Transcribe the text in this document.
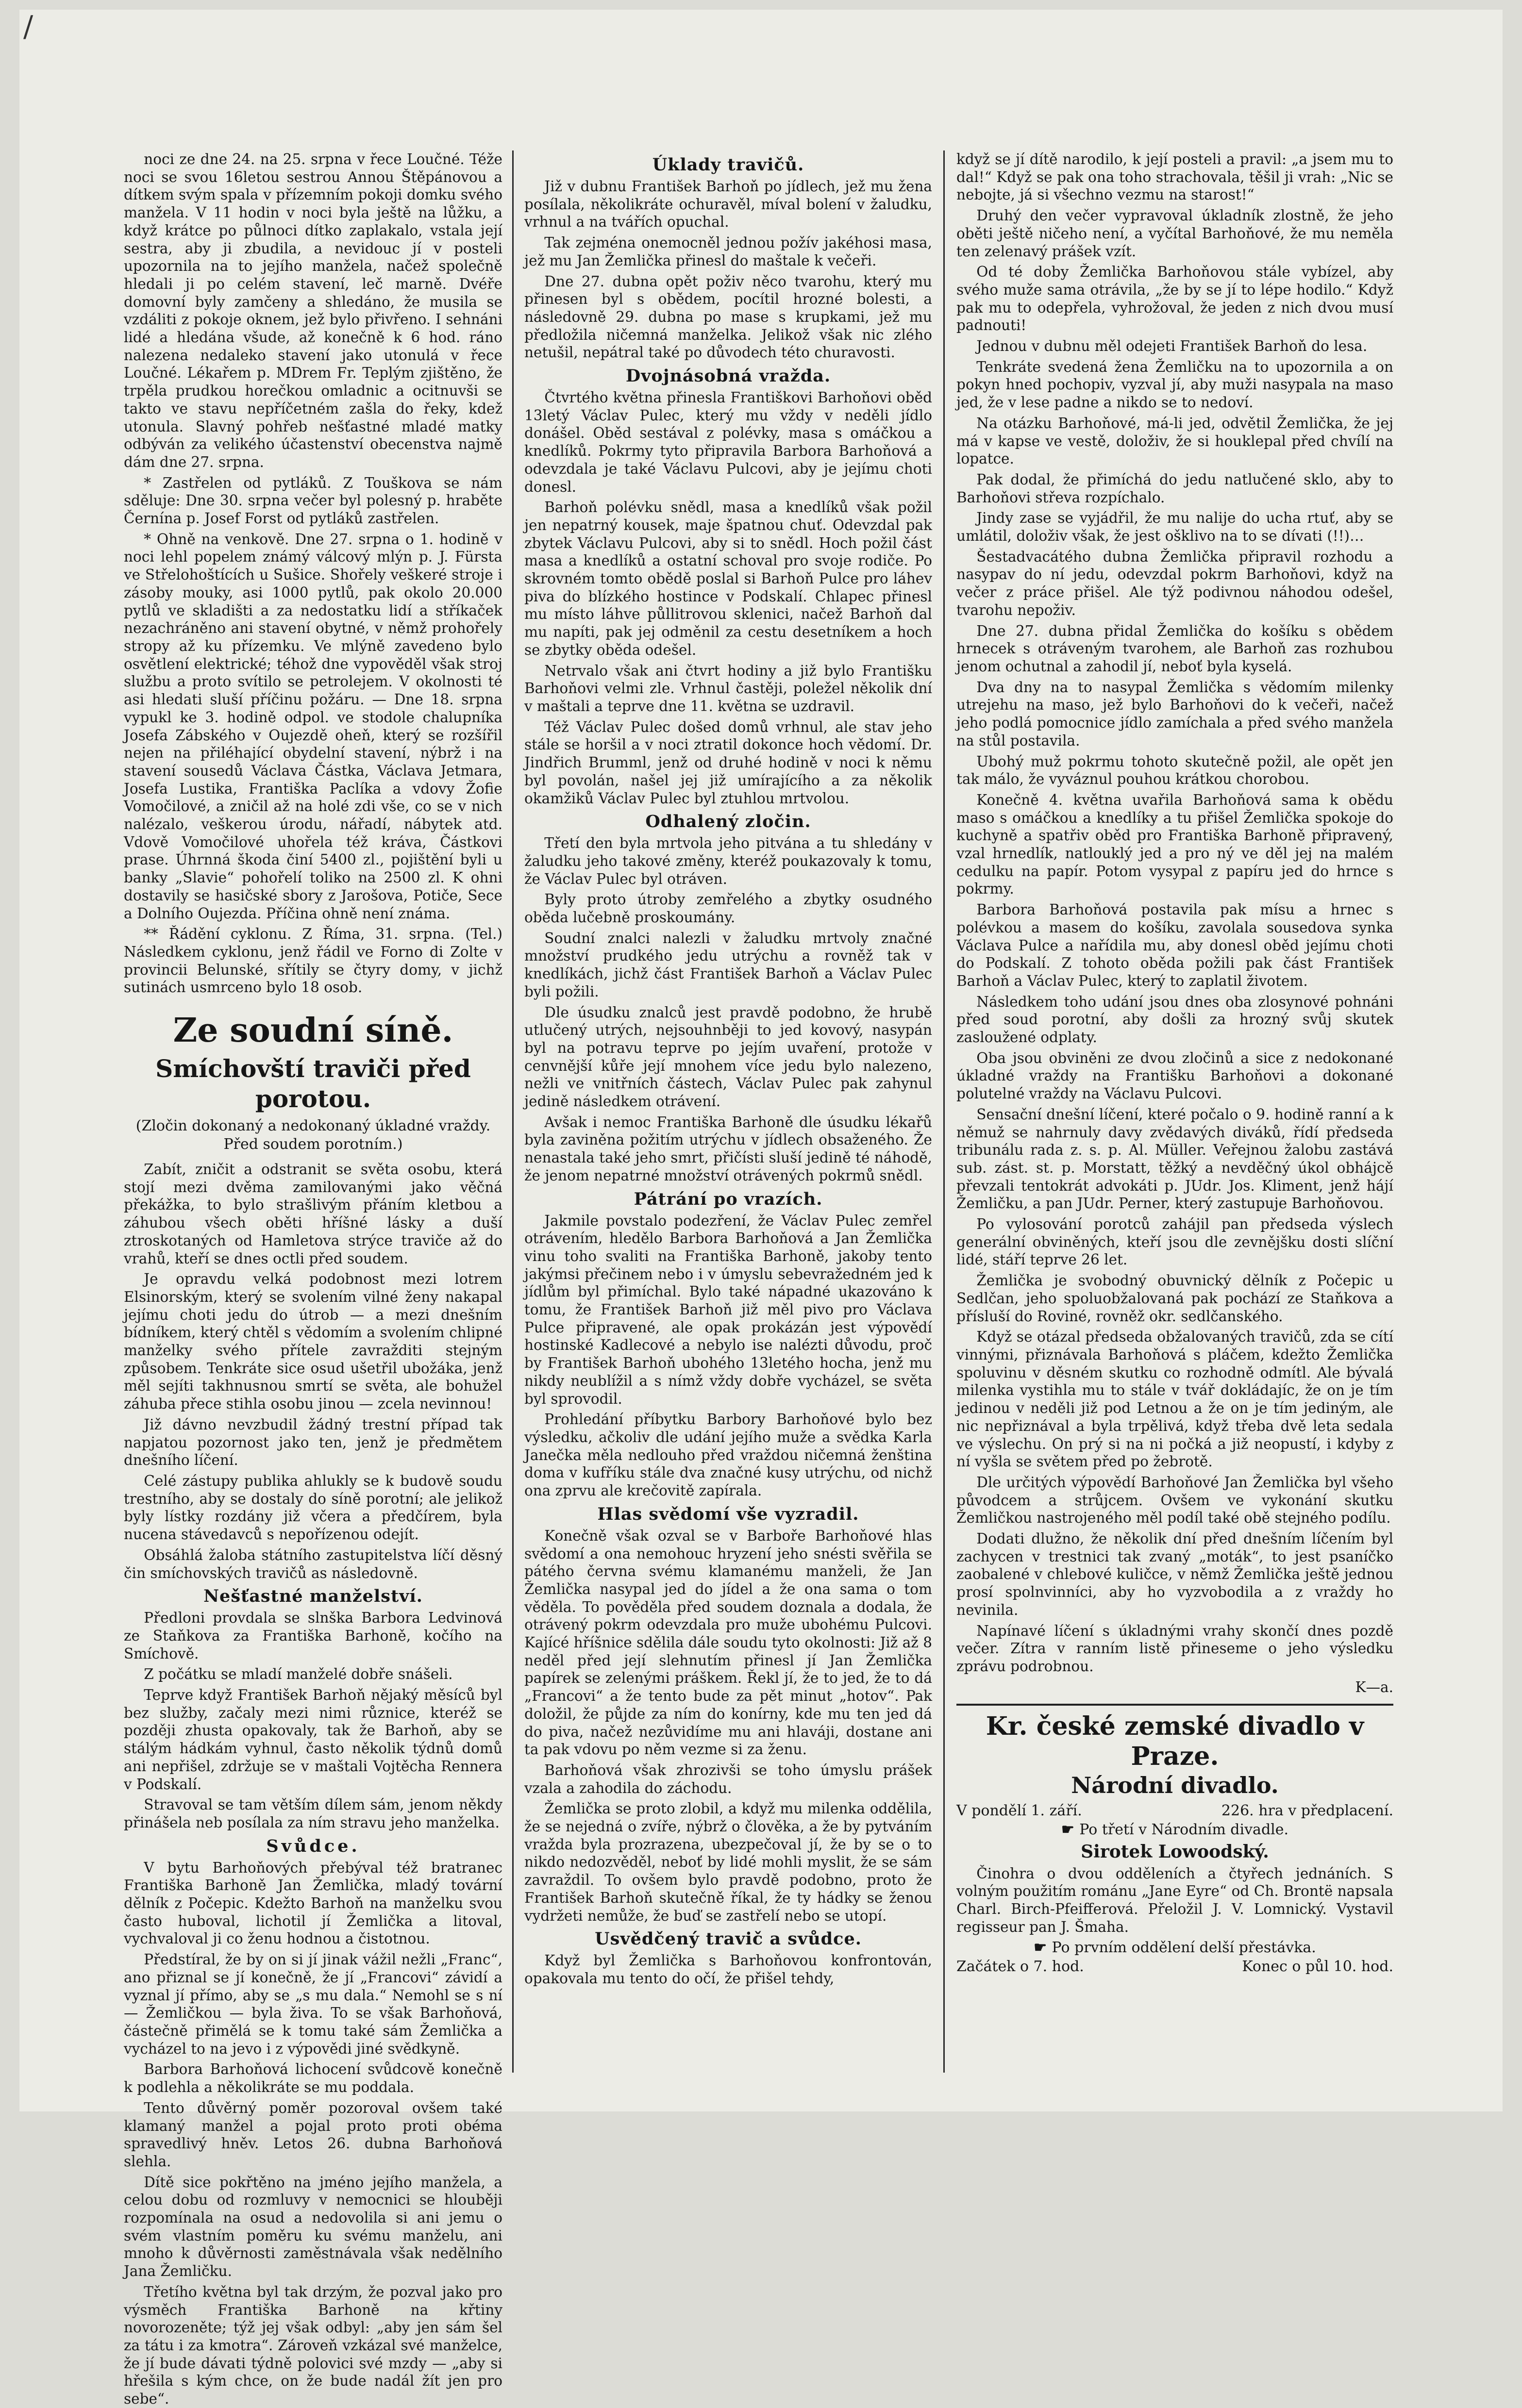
/

noci ze dne 24. na 25. srpna v řece Loučné. Téže noci se svou 16letou sestrou Annou Štěpánovou a dítkem svým spala v přízemním pokoji domku svého manžela. V 11 hodin v noci byla ještě na lůžku, a když krátce po půlnoci dítko zaplakalo, vstala její sestra, aby ji zbudila, a nevidouc jí v posteli upozornila na to jejího manžela, načež společně hledali ji po celém stavení, leč marně. Dvéře domovní byly zamčeny a shledáno, že musila se vzdáliti z pokoje oknem, jež bylo přivřeno. I sehnáni lidé a hledána všude, až konečně k 6 hod. ráno nalezena nedaleko stavení jako utonulá v řece Loučné. Lékařem p. MDrem Fr. Teplým zjištěno, že trpěla prudkou horečkou omladnic a ocitnuvši se takto ve stavu nepříčetném zašla do řeky, kdež utonula. Slavný pohřeb nešťastné mladé matky odbýván za velikého účastenství obecenstva najmě dám dne 27. srpna.

* Zastřelen od pytláků. Z Touškova se nám sděluje: Dne 30. srpna večer byl polesný p. hraběte Černína p. Josef Forst od pytláků zastřelen.

* Ohně na venkově. Dne 27. srpna o 1. hodině v noci lehl popelem známý válcový mlýn p. J. Fürsta ve Střelohoštících u Sušice. Shořely veškeré stroje i zásoby mouky, asi 1000 pytlů, pak okolo 20.000 pytlů ve skladišti a za nedostatku lidí a stříkaček nezachráněno ani stavení obytné, v němž prohořely stropy až ku přízemku. Ve mlýně zavedeno bylo osvětlení elektrické; téhož dne vypověděl však stroj službu a proto svítilo se petrolejem. V okolnosti té asi hledati sluší příčinu požáru. — Dne 18. srpna vypukl ke 3. hodině odpol. ve stodole chalupníka Josefa Zábského v Oujezdě oheň, který se rozšířil nejen na přiléhající obydelní stavení, nýbrž i na stavení sousedů Václava Částka, Václava Jetmara, Josefa Lustika, Františka Paclíka a vdovy Žofie Vomočilové, a zničil až na holé zdi vše, co se v nich nalézalo, veškerou úrodu, nářadí, nábytek atd. Vdově Vomočilové uhořela též kráva, Částkovi prase. Úhrnná škoda činí 5400 zl., pojištění byli u banky „Slavie“ pohořelí toliko na 2500 zl. K ohni dostavily se hasičské sbory z Jarošova, Potiče, Sece a Dolního Oujezda. Příčina ohně není známa.

** Řádění cyklonu. Z Říma, 31. srpna. (Tel.) Následkem cyklonu, jenž řádil ve Forno di Zolte v provincii Belunské, sřítily se čtyry domy, v jichž sutinách usmrceno bylo 18 osob.

Ze soudní síně.
Smíchovští traviči před porotou.
(Zločin dokonaný a nedokonaný úkladné vraždy. Před soudem porotním.)

Zabít, zničit a odstranit se světa osobu, která stojí mezi dvěma zamilovanými jako věčná překážka, to bylo strašlivým přáním kletbou a záhubou všech oběti hříšné lásky a duší ztroskotaných od Hamletova strýce traviče až do vrahů, kteří se dnes octli před soudem.

Je opravdu velká podobnost mezi lotrem Elsinorským, který se svolením vilné ženy nakapal jejímu choti jedu do útrob — a mezi dnešním bídníkem, který chtěl s vědomím a svolením chlipné manželky svého přítele zavražditi stejným způsobem. Tenkráte sice osud ušetřil ubožáka, jenž měl sejíti takhnusnou smrtí se světa, ale bohužel záhuba přece stihla osobu jinou — zcela nevinnou!

Již dávno nevzbudil žádný trestní případ tak napjatou pozornost jako ten, jenž je předmětem dnešního líčení.

Celé zástupy publika ahlukly se k budově soudu trestního, aby se dostaly do síně porotní; ale jelikož byly lístky rozdány již včera a předčírem, byla nucena stávedavců s nepořízenou odejít.

Obsáhlá žaloba státního zastupitelstva líčí děsný čin smíchovských travičů as následovně.

Nešťastné manželství.

Předloni provdala se slnška Barbora Ledvinová ze Staňkova za Františka Barhoně, kočího na Smíchově.

Z počátku se mladí manželé dobře snášeli.

Teprve když František Barhoň nějaký měsíců byl bez služby, začaly mezi nimi různice, kteréž se později zhusta opakovaly, tak že Barhoň, aby se stálým hádkám vyhnul, často několik týdnů domů ani nepřišel, zdržuje se v maštali Vojtěcha Rennera v Podskalí.

Stravoval se tam větším dílem sám, jenom někdy přinášela neb posílala za ním stravu jeho manželka.

Svůdce.

V bytu Barhoňových přebýval též bratranec Františka Barhoně Jan Žemlička, mladý tovární dělník z Počepic. Kdežto Barhoň na manželku svou často huboval, lichotil jí Žemlička a litoval, vychvaloval ji co ženu hodnou a čistotnou.

Předstíral, že by on si jí jinak vážil nežli „Franc“, ano přiznal se jí konečně, že jí „Francovi“ závidí a vyznal jí přímo, aby se „s mu dala.“ Nemohl se s ní — Žemličkou — byla živa. To se však Barhoňová, částečně přimělá se k tomu také sám Žemlička a vycházel to na jevo i z výpovědi jiné svědkyně.

Barbora Barhoňová lichocení svůdcově konečně k podlehla a několikráte se mu poddala.

Tento důvěrný poměr pozoroval ovšem také klamaný manžel a pojal proto proti obéma spravedlivý hněv. Letos 26. dubna Barhoňová slehla.

Dítě sice pokřtěno na jméno jejího manžela, a celou dobu od rozmluvy v nemocnici se hlouběji rozpomínala na osud a nedovolila si ani jemu o svém vlastním poměru ku svému manželu, ani mnoho k důvěrnosti zaměstnávala však nedělního Jana Žemličku.

Třetího května byl tak drzým, že pozval jako pro výsměch Františka Barhoně na křtiny novorozeněte; týž jej však odbyl: „aby jen sám šel za tátu i za kmotra“. Zároveň vzkázal své manželce, že jí bude dávati týdně polovici své mzdy — „aby si hřešila s kým chce, on že bude nadál žít jen pro sebe“.

Úklady travičů.

Již v dubnu František Barhoň po jídlech, jež mu žena posílala, několikráte ochuravěl, míval bolení v žaludku, vrhnul a na tvářích opuchal.

Tak zejména onemocněl jednou požív jakéhosi masa, jež mu Jan Žemlička přinesl do maštale k večeři.

Dne 27. dubna opět poživ něco tvarohu, který mu přinesen byl s obědem, pocítil hrozné bolesti, a následovně 29. dubna po mase s krupkami, jež mu předložila ničemná manželka. Jelikož však nic zlého netušil, nepátral také po důvodech této churavosti.

Dvojnásobná vražda.

Čtvrtého května přinesla Františkovi Barhoňovi oběd 13letý Václav Pulec, který mu vždy v neděli jídlo donášel. Oběd sestával z polévky, masa s omáčkou a knedlíků. Pokrmy tyto připravila Barbora Barhoňová a odevzdala je také Václavu Pulcovi, aby je jejímu choti donesl.

Barhoň polévku snědl, masa a knedlíků však požil jen nepatrný kousek, maje špatnou chuť. Odevzdal pak zbytek Václavu Pulcovi, aby si to snědl. Hoch požil část masa a knedlíků a ostatní schoval pro svoje rodiče. Po skrovném tomto obědě poslal si Barhoň Pulce pro láhev piva do blízkého hostince v Podskalí. Chlapec přinesl mu místo láhve půllitrovou sklenici, načež Barhoň dal mu napíti, pak jej odměnil za cestu desetníkem a hoch se zbytky oběda odešel.

Netrvalo však ani čtvrt hodiny a již bylo Františku Barhoňovi velmi zle. Vrhnul častěji, poležel několik dní v maštali a teprve dne 11. května se uzdravil.

Též Václav Pulec došed domů vrhnul, ale stav jeho stále se horšil a v noci ztratil dokonce hoch vědomí. Dr. Jindřich Brumml, jenž od druhé hodině v noci k němu byl povolán, našel jej již umírajícího a za několik okamžiků Václav Pulec byl ztuhlou mrtvolou.

Odhalený zločin.

Třetí den byla mrtvola jeho pitvána a tu shledány v žaludku jeho takové změny, kteréž poukazovaly k tomu, že Václav Pulec byl otráven.

Byly proto útroby zemřelého a zbytky osudného oběda lučebně proskoumány.

Soudní znalci nalezli v žaludku mrtvoly značné množství prudkého jedu utrýchu a rovněž tak v knedlíkách, jichž část František Barhoň a Václav Pulec byli požili.

Dle úsudku znalců jest pravdě podobno, že hrubě utlučený utrých, nejsouhnběji to jed kovový, nasypán byl na potravu teprve po jejím uvaření, protože v cenvnější kůře její mnohem více jedu bylo nalezeno, nežli ve vnitřních částech, Václav Pulec pak zahynul jedině následkem otrávení.

Avšak i nemoc Františka Barhoně dle úsudku lékařů byla zaviněna požitím utrýchu v jídlech obsaženého. Že nenastala také jeho smrt, přičísti sluší jedině té náhodě, že jenom nepatrné množství otrávených pokrmů snědl.

Pátrání po vrazích.

Jakmile povstalo podezření, že Václav Pulec zemřel otrávením, hledělo Barbora Barhoňová a Jan Žemlička vinu toho svaliti na Františka Barhoně, jakoby tento jakýmsi přečinem nebo i v úmyslu sebevražedném jed k jídlům byl přimíchal. Bylo také nápadné ukazováno k tomu, že František Barhoň již měl pivo pro Václava Pulce připravené, ale opak prokázán jest výpovědí hostinské Kadlecové a nebylo ise nalézti důvodu, proč by František Barhoň ubohého 13letého hocha, jenž mu nikdy neublížil a s nímž vždy dobře vycházel, se světa byl sprovodil.

Prohledání příbytku Barbory Barhoňové bylo bez výsledku, ačkoliv dle udání jejího muže a svědka Karla Janečka měla nedlouho před vraždou ničemná ženština doma v kufříku stále dva značné kusy utrýchu, od nichž ona zprvu ale krečovitě zapírala.

Hlas svědomí vše vyzradil.

Konečně však ozval se v Barboře Barhoňové hlas svědomí a ona nemohouc hryzení jeho snésti svěřila se pátého června svému klamanému manželi, že Jan Žemlička nasypal jed do jídel a že ona sama o tom věděla. To pověděla před soudem doznala a dodala, že otrávený pokrm odevzdala pro muže ubohému Pulcovi. Kajícé hříšnice sdělila dále soudu tyto okolnosti: Již až 8 neděl před její slehnutím přinesl jí Jan Žemlička papírek se zelenými práškem. Řekl jí, že to jed, že to dá „Francovi“ a že tento bude za pět minut „hotov“. Pak doložil, že půjde za ním do konírny, kde mu ten jed dá do piva, načež nezůvidíme mu ani hlaváji, dostane ani ta pak vdovu po něm vezme si za ženu.

Barhoňová však zhrozivši se toho úmyslu prášek vzala a zahodila do záchodu.

Žemlička se proto zlobil, a když mu milenka oddělila, že se nejedná o zvíře, nýbrž o člověka, a že by pytváním vražda byla prozrazena, ubezpečoval jí, že by se o to nikdo nedozvěděl, neboť by lidé mohli myslit, že se sám zavraždil. To ovšem bylo pravdě podobno, proto že František Barhoň skutečně říkal, že ty hádky se ženou vydržeti nemůže, že buď se zastřelí nebo se utopí.

Usvědčený travič a svůdce.

Když byl Žemlička s Barhoňovou konfrontován, opakovala mu tento do očí, že přišel tehdy,

když se jí dítě narodilo, k její posteli a pravil: „a jsem mu to dal!“ Když se pak ona toho strachovala, těšil ji vrah: „Nic se nebojte, já si všechno vezmu na starost!“

Druhý den večer vypravoval úkladník zlostně, že jeho oběti ještě ničeho není, a vyčítal Barhoňové, že mu neměla ten zelenavý prášek vzít.

Od té doby Žemlička Barhoňovou stále vybízel, aby svého muže sama otrávila, „že by se jí to lépe hodilo.“ Když pak mu to odepřela, vyhrožoval, že jeden z nich dvou musí padnouti!

Jednou v dubnu měl odejeti František Barhoň do lesa.

Tenkráte svedená žena Žemličku na to upozornila a on pokyn hned pochopiv, vyzval jí, aby muži nasypala na maso jed, že v lese padne a nikdo se to nedoví.

Na otázku Barhoňové, má-li jed, odvětil Žemlička, že jej má v kapse ve vestě, doloživ, že si houklepal před chvílí na lopatce.

Pak dodal, že přimíchá do jedu natlučené sklo, aby to Barhoňovi střeva rozpíchalo.

Jindy zase se vyjádřil, že mu nalije do ucha rtuť, aby se umlátil, doloživ však, že jest ošklivo na to se dívati (!!)…

Šestadvacátého dubna Žemlička připravil rozhodu a nasypav do ní jedu, odevzdal pokrm Barhoňovi, když na večer z práce přišel. Ale týž podivnou náhodou odešel, tvarohu nepoživ.

Dne 27. dubna přidal Žemlička do košíku s obědem hrnecek s otráveným tvarohem, ale Barhoň zas rozhubou jenom ochutnal a zahodil jí, neboť byla kyselá.

Dva dny na to nasypal Žemlička s vědomím milenky utrejehu na maso, jež bylo Barhoňovi do k večeři, načež jeho podlá pomocnice jídlo zamíchala a před svého manžela na stůl postavila.

Ubohý muž pokrmu tohoto skutečně požil, ale opět jen tak málo, že vyváznul pouhou krátkou chorobou.

Konečně 4. května uvařila Barhoňová sama k obědu maso s omáčkou a knedlíky a tu přišel Žemlička spokoje do kuchyně a spatřiv oběd pro Františka Barhoně připravený, vzal hrnedlík, natlouklý jed a pro ný ve děl jej na malém cedulku na papír. Potom vysypal z papíru jed do hrnce s pokrmy.

Barbora Barhoňová postavila pak mísu a hrnec s polévkou a masem do košíku, zavolala sousedova synka Václava Pulce a nařídila mu, aby donesl oběd jejímu choti do Podskalí. Z tohoto oběda požili pak část František Barhoň a Václav Pulec, který to zaplatil životem.

Následkem toho udání jsou dnes oba zlosynové pohnáni před soud porotní, aby došli za hrozný svůj skutek zasloužené odplaty.

Oba jsou obviněni ze dvou zločinů a sice z nedokonané úkladné vraždy na Františku Barhoňovi a dokonané polutelné vraždy na Václavu Pulcovi.

Sensační dnešní líčení, které počalo o 9. hodině ranní a k němuž se nahrnuly davy zvědavých diváků, řídí předseda tribunálu rada z. s. p. Al. Müller. Veřejnou žalobu zastává sub. zást. st. p. Morstatt, těžký a nevděčný úkol obhájcě převzali tentokrát advokáti p. JUdr. Jos. Kliment, jenž hájí Žemličku, a pan JUdr. Perner, který zastupuje Barhoňovou.

Po vylosování porotců zahájil pan předseda výslech generální obviněných, kteří jsou dle zevnějšku dosti slíční lidé, stáří teprve 26 let.

Žemlička je svobodný obuvnický dělník z Počepic u Sedlčan, jeho spoluobžalovaná pak pochází ze Staňkova a přísluší do Roviné, rovněž okr. sedlčanského.

Když se otázal předseda obžalovaných travičů, zda se cítí vinnými, přiznávala Barhoňová s pláčem, kdežto Žemlička spoluvinu v děsném skutku co rozhodně odmítl. Ale bývalá milenka vystihla mu to stále v tvář dokládajíc, že on je tím jedinou v neděli již pod Letnou a že on je tím jediným, ale nic nepřiznával a byla trpělivá, když třeba dvě leta sedala ve výslechu. On prý si na ni počká a již neopustí, i kdyby z ní vyšla se světem před po žebrotě.

Dle určitých výpovědí Barhoňové Jan Žemlička byl všeho původcem a strůjcem. Ovšem ve vykonání skutku Žemličkou nastrojeného měl podíl také obě stejného podílu.

Dodati dlužno, že několik dní před dnešním líčením byl zachycen v trestnici tak zvaný „moták“, to jest psaníčko zaobalené v chlebové kuličce, v němž Žemlička ještě jednou prosí spolnvinníci, aby ho vyzvobodila a z vraždy ho nevinila.

Napínavé líčení s úkladnými vrahy skončí dnes pozdě večer. Zítra v ranním listě přineseme o jeho výsledku zprávu podrobnou.

K—a.
Kr. české zemské divadlo v Praze.
Národní divadlo.
V pondělí 1. září.	226. hra v předplacení.
☛ Po třetí v Národním divadle.
Sirotek Lowoodský.

Činohra o dvou odděleních a čtyřech jednáních. S volným použitím románu „Jane Eyre“ od Ch. Brontë napsala Charl. Birch-Pfeifferová. Přeložil J. V. Lomnický. Vystavil regisseur pan J. Šmaha.

☛ Po prvním oddělení delší přestávka.
Začátek o 7. hod.	Konec o půl 10. hod.
